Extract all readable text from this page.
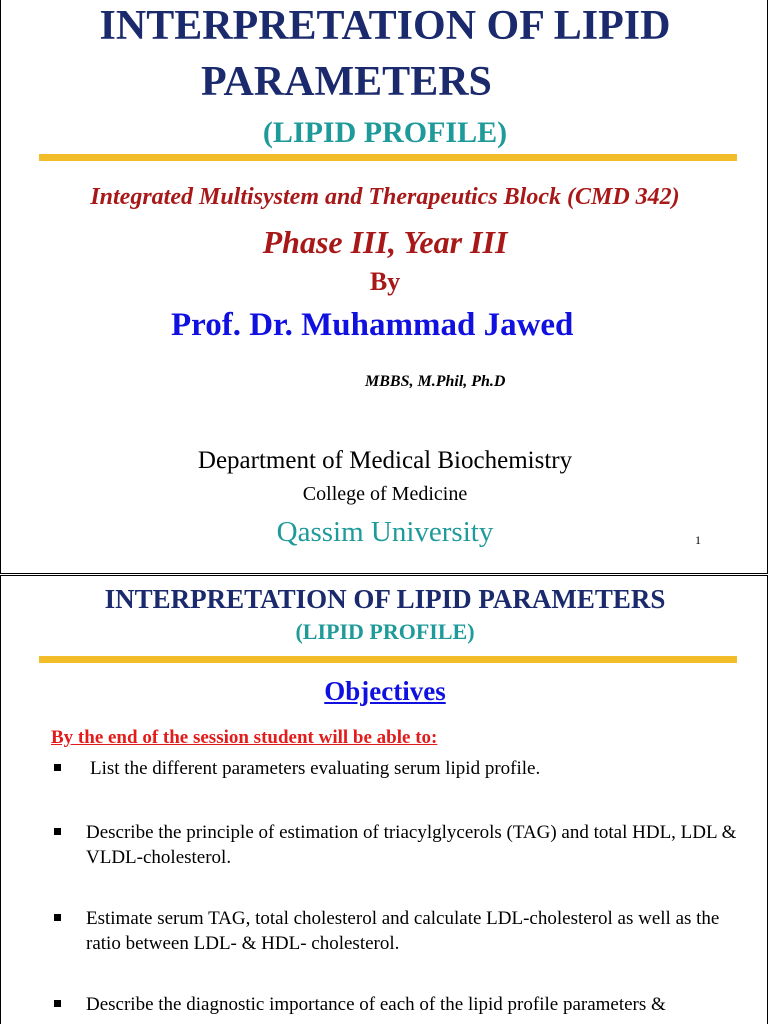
INTERPRETATION OF LIPID
PARAMETERS
(LIPID PROFILE)
Integrated Multisystem and Therapeutics Block (CMD 342)
Phase III, Year III
By
Prof. Dr. Muhammad Jawed
MBBS, M.Phil, Ph.D
Department of Medical Biochemistry
College of Medicine
Qassim University	1
INTERPRETATION OF LIPID PARAMETERS
(LIPID PROFILE)
Objectives
By the end of the session student will be able to:
List the different parameters evaluating serum lipid profile.
Describe the principle of estimation of triacylglycerols (TAG) and total HDL, LDL & VLDL-cholesterol.
Estimate serum TAG, total cholesterol and calculate LDL-cholesterol as well as the ratio between LDL- & HDL- cholesterol.
Describe the diagnostic importance of each of the lipid profile parameters &
